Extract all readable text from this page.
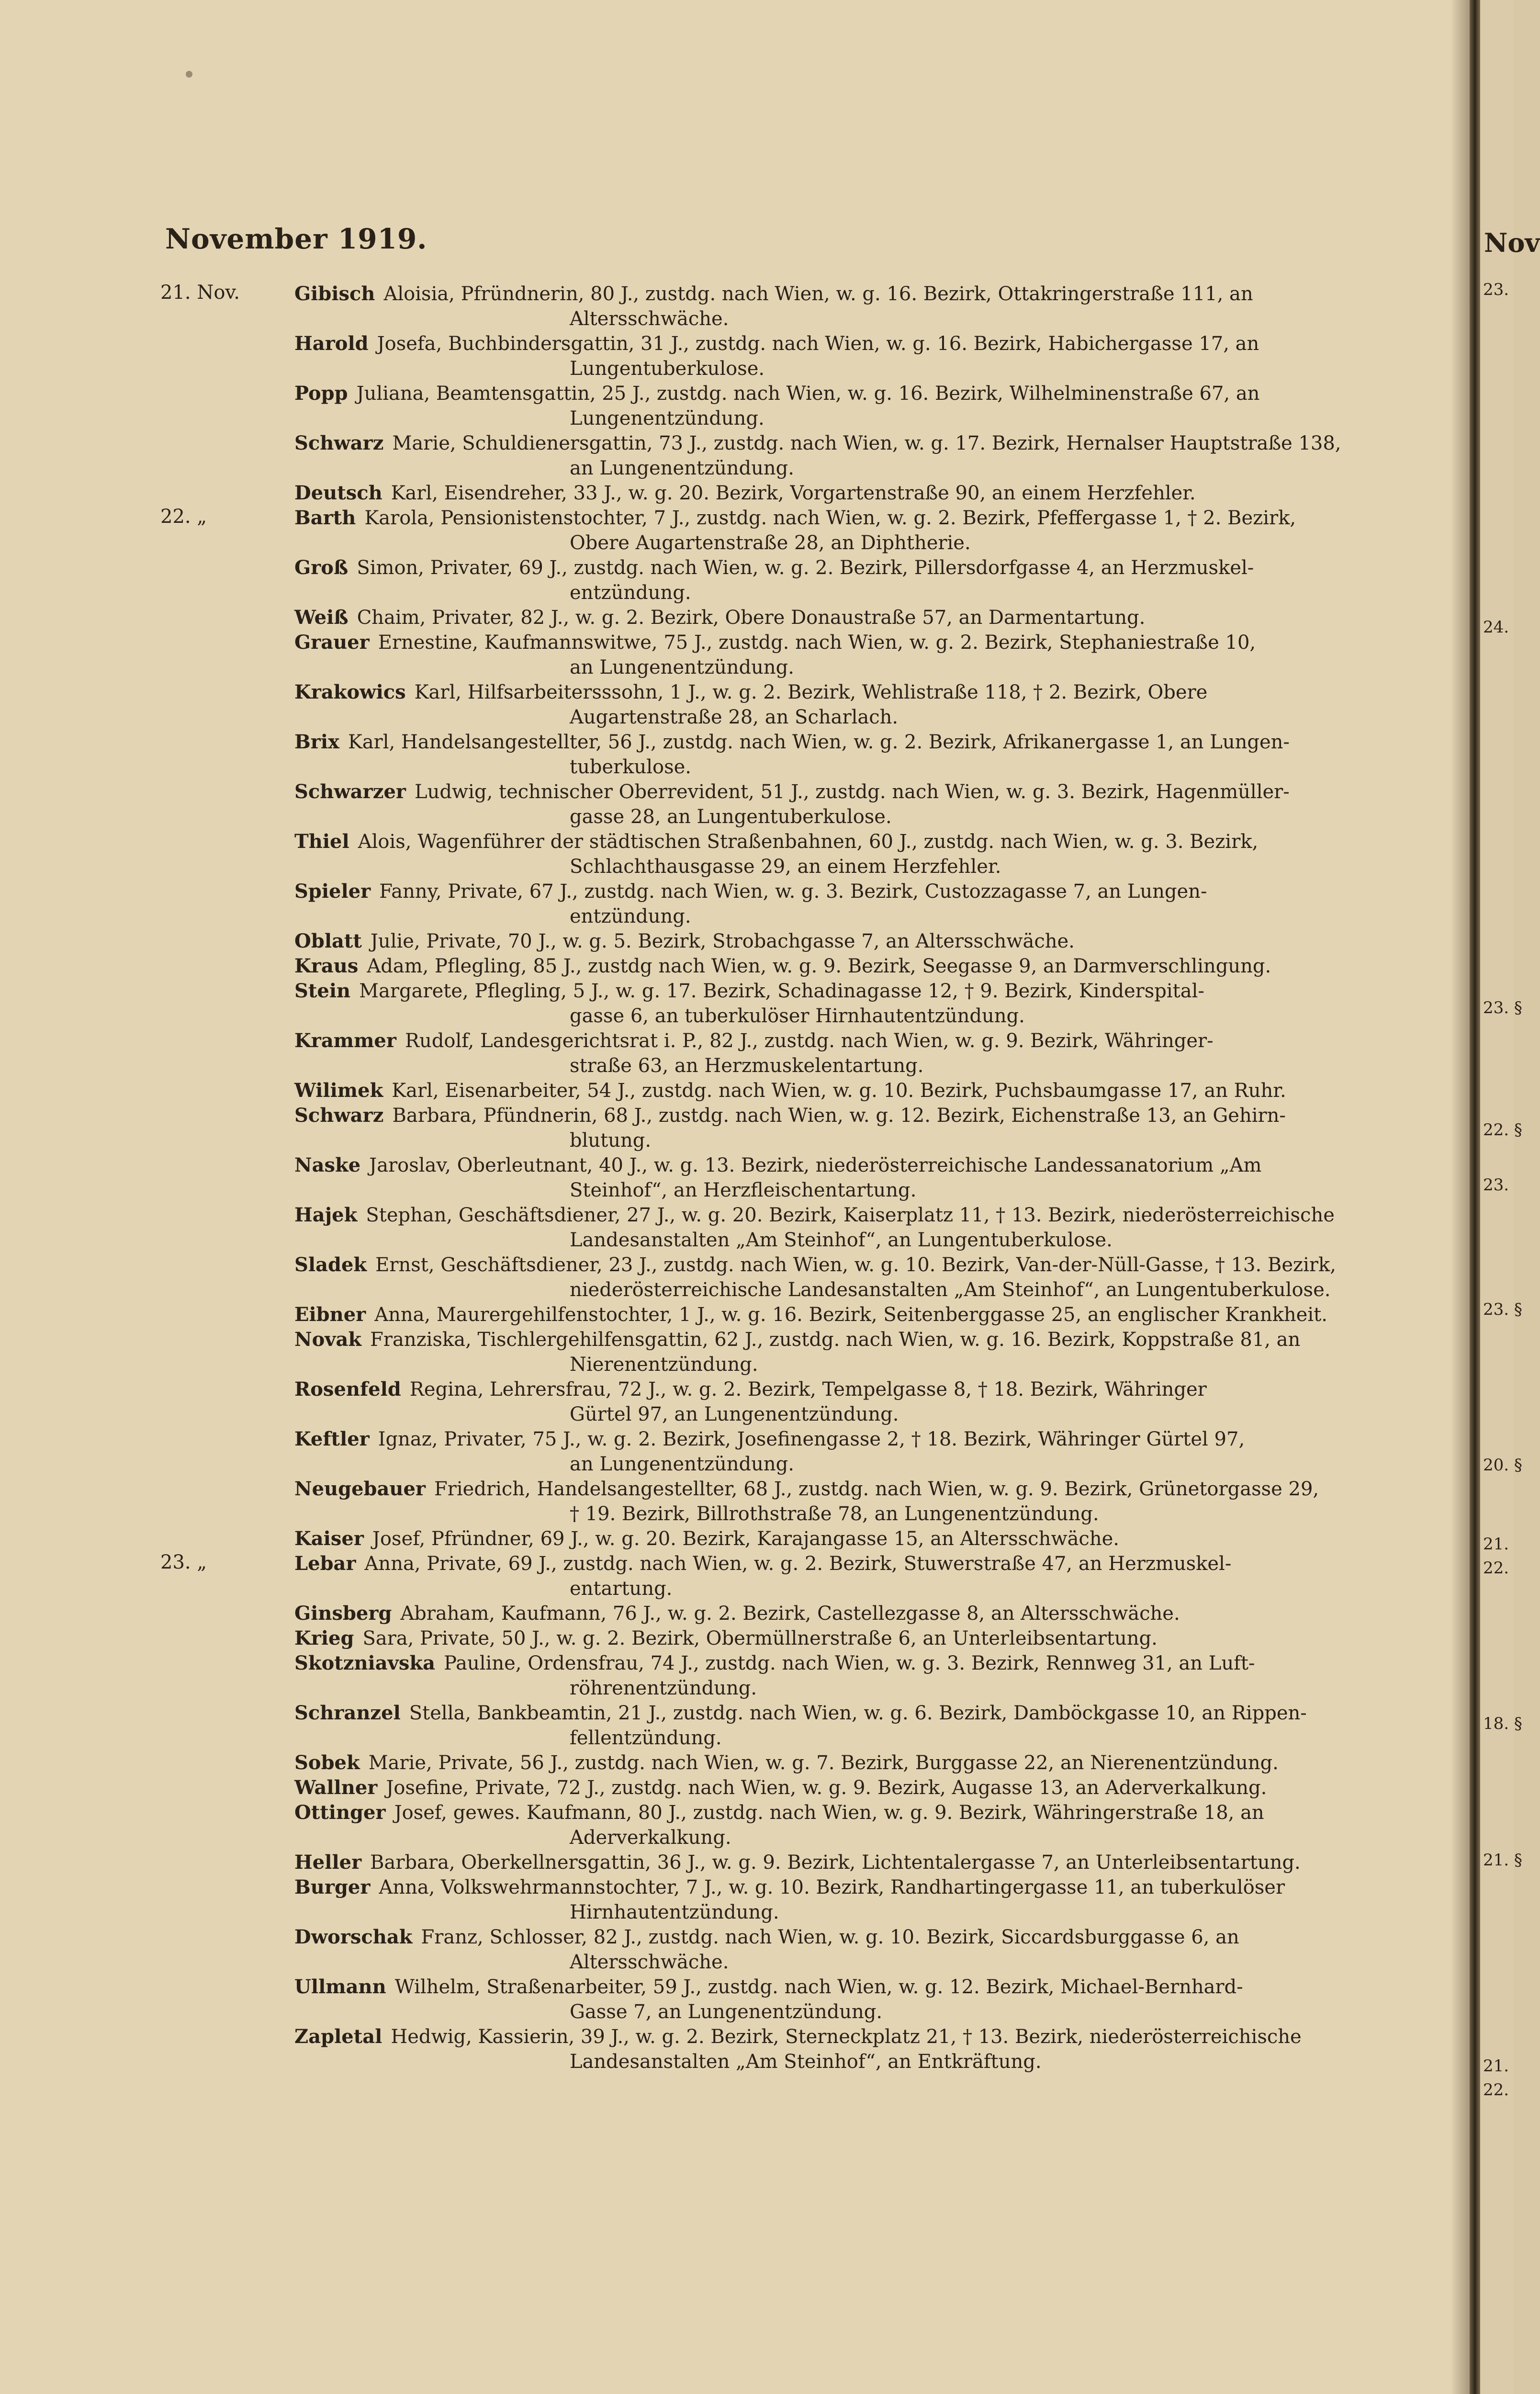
November 1919.
21. Nov.	Gibisch Aloisia, Pfründnerin, 80 J., zustdg. nach Wien, w. g. 16. Bezirk, Ottakringerstraße 111, an
Altersschwäche.
Harold Josefa, Buchbindersgattin, 31 J., zustdg. nach Wien, w. g. 16. Bezirk, Habichergasse 17, an
Lungentuberkulose.
Popp Juliana, Beamtensgattin, 25 J., zustdg. nach Wien, w. g. 16. Bezirk, Wilhelminenstraße 67, an
Lungenentzündung.
Schwarz Marie, Schuldienersgattin, 73 J., zustdg. nach Wien, w. g. 17. Bezirk, Hernalser Hauptstraße 138,
an Lungenentzündung.
Deutsch Karl, Eisendreher, 33 J., w. g. 20. Bezirk, Vorgartenstraße 90, an einem Herzfehler.
22. „	Barth Karola, Pensionistenstochter, 7 J., zustdg. nach Wien, w. g. 2. Bezirk, Pfeffergasse 1, † 2. Bezirk,
Obere Augartenstraße 28, an Diphtherie.
Groß Simon, Privater, 69 J., zustdg. nach Wien, w. g. 2. Bezirk, Pillersdorfgasse 4, an Herzmuskel-
entzündung.
Weiß Chaim, Privater, 82 J., w. g. 2. Bezirk, Obere Donaustraße 57, an Darmentartung.
Grauer Ernestine, Kaufmannswitwe, 75 J., zustdg. nach Wien, w. g. 2. Bezirk, Stephaniestraße 10,
an Lungenentzündung.
Krakowics Karl, Hilfsarbeitersssohn, 1 J., w. g. 2. Bezirk, Wehlistraße 118, † 2. Bezirk, Obere
Augartenstraße 28, an Scharlach.
Brix Karl, Handelsangestellter, 56 J., zustdg. nach Wien, w. g. 2. Bezirk, Afrikanergasse 1, an Lungen-
tuberkulose.
Schwarzer Ludwig, technischer Oberrevident, 51 J., zustdg. nach Wien, w. g. 3. Bezirk, Hagenmüller-
gasse 28, an Lungentuberkulose.
Thiel Alois, Wagenführer der städtischen Straßenbahnen, 60 J., zustdg. nach Wien, w. g. 3. Bezirk,
Schlachthausgasse 29, an einem Herzfehler.
Spieler Fanny, Private, 67 J., zustdg. nach Wien, w. g. 3. Bezirk, Custozzagasse 7, an Lungen-
entzündung.
Oblatt Julie, Private, 70 J., w. g. 5. Bezirk, Strobachgasse 7, an Altersschwäche.
Kraus Adam, Pflegling, 85 J., zustdg nach Wien, w. g. 9. Bezirk, Seegasse 9, an Darmverschlingung.
Stein Margarete, Pflegling, 5 J., w. g. 17. Bezirk, Schadinagasse 12, † 9. Bezirk, Kinderspital-
gasse 6, an tuberkulöser Hirnhautentzündung.
Krammer Rudolf, Landesgerichtsrat i. P., 82 J., zustdg. nach Wien, w. g. 9. Bezirk, Währinger-
straße 63, an Herzmuskelentartung.
Wilimek Karl, Eisenarbeiter, 54 J., zustdg. nach Wien, w. g. 10. Bezirk, Puchsbaumgasse 17, an Ruhr.
Schwarz Barbara, Pfündnerin, 68 J., zustdg. nach Wien, w. g. 12. Bezirk, Eichenstraße 13, an Gehirn-
blutung.
Naske Jaroslav, Oberleutnant, 40 J., w. g. 13. Bezirk, niederösterreichische Landessanatorium „Am
Steinhof“, an Herzfleischentartung.
Hajek Stephan, Geschäftsdiener, 27 J., w. g. 20. Bezirk, Kaiserplatz 11, † 13. Bezirk, niederösterreichische
Landesanstalten „Am Steinhof“, an Lungentuberkulose.
Sladek Ernst, Geschäftsdiener, 23 J., zustdg. nach Wien, w. g. 10. Bezirk, Van-der-Nüll-Gasse, † 13. Bezirk,
niederösterreichische Landesanstalten „Am Steinhof“, an Lungentuberkulose.
Eibner Anna, Maurergehilfenstochter, 1 J., w. g. 16. Bezirk, Seitenberggasse 25, an englischer Krankheit.
Novak Franziska, Tischlergehilfensgattin, 62 J., zustdg. nach Wien, w. g. 16. Bezirk, Koppstraße 81, an
Nierenentzündung.
Rosenfeld Regina, Lehrersfrau, 72 J., w. g. 2. Bezirk, Tempelgasse 8, † 18. Bezirk, Währinger
Gürtel 97, an Lungenentzündung.
Keftler Ignaz, Privater, 75 J., w. g. 2. Bezirk, Josefinengasse 2, † 18. Bezirk, Währinger Gürtel 97,
an Lungenentzündung.
Neugebauer Friedrich, Handelsangestellter, 68 J., zustdg. nach Wien, w. g. 9. Bezirk, Grünetorgasse 29,
† 19. Bezirk, Billrothstraße 78, an Lungenentzündung.
Kaiser Josef, Pfründner, 69 J., w. g. 20. Bezirk, Karajangasse 15, an Altersschwäche.
23. „	Lebar Anna, Private, 69 J., zustdg. nach Wien, w. g. 2. Bezirk, Stuwerstraße 47, an Herzmuskel-
entartung.
Ginsberg Abraham, Kaufmann, 76 J., w. g. 2. Bezirk, Castellezgasse 8, an Altersschwäche.
Krieg Sara, Private, 50 J., w. g. 2. Bezirk, Obermüllnerstraße 6, an Unterleibsentartung.
Skotzniavska Pauline, Ordensfrau, 74 J., zustdg. nach Wien, w. g. 3. Bezirk, Rennweg 31, an Luft-
röhrenentzündung.
Schranzel Stella, Bankbeamtin, 21 J., zustdg. nach Wien, w. g. 6. Bezirk, Damböckgasse 10, an Rippen-
fellentzündung.
Sobek Marie, Private, 56 J., zustdg. nach Wien, w. g. 7. Bezirk, Burggasse 22, an Nierenentzündung.
Wallner Josefine, Private, 72 J., zustdg. nach Wien, w. g. 9. Bezirk, Augasse 13, an Aderverkalkung.
Ottinger Josef, gewes. Kaufmann, 80 J., zustdg. nach Wien, w. g. 9. Bezirk, Währingerstraße 18, an
Aderverkalkung.
Heller Barbara, Oberkellnersgattin, 36 J., w. g. 9. Bezirk, Lichtentalergasse 7, an Unterleibsentartung.
Burger Anna, Volkswehrmannstochter, 7 J., w. g. 10. Bezirk, Randhartingergasse 11, an tuberkulöser
Hirnhautentzündung.
Dworschak Franz, Schlosser, 82 J., zustdg. nach Wien, w. g. 10. Bezirk, Siccardsburggasse 6, an
Altersschwäche.
Ullmann Wilhelm, Straßenarbeiter, 59 J., zustdg. nach Wien, w. g. 12. Bezirk, Michael-Bernhard-
Gasse 7, an Lungenentzündung.
Zapletal Hedwig, Kassierin, 39 J., w. g. 2. Bezirk, Sterneckplatz 21, † 13. Bezirk, niederösterreichische
Landesanstalten „Am Steinhof“, an Entkräftung.
Nov
23.
24.
23. §
22. §
23.
23. §
20. §
21.
22.
18. §
21. §
21.
22.
